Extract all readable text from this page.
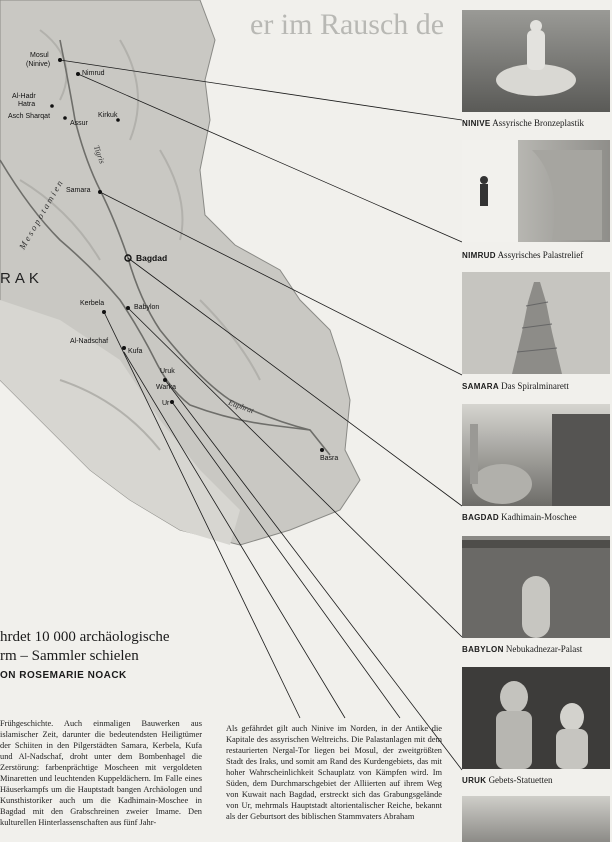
er im Rausch de
RAK
Tigris
Euphrat
M e s o p o t a m i e n
Mosul
(Ninive)
Nimrud
Al-Hadr
Hatra
Asch Sharqat
Assur
Kirkuk
Samara
Bagdad
Kerbela
Babylon
Al-Nadschaf
Kufa
Uruk
Warka
Ur
Basra
NINIVE Assyrische Bronzeplastik
NIMRUD Assyrisches Palastrelief
SAMARA Das Spiralminarett
BAGDAD Kadhimain-Moschee
BABYLON Nebukadnezar-Palast
URUK Gebets-Statuetten
hrdet 10 000 archäologische
rm – Sammler schielen
ON ROSEMARIE NOACK
Frühgeschichte. Auch einmaligen Bauwerken aus islamischer Zeit, darunter die bedeutendsten Heiligtümer der Schiiten in den Pilgerstädten Samara, Kerbela, Kufa und Al-Nadschaf, droht unter dem Bombenhagel die Zerstörung: farbenprächtige Moscheen mit vergoldeten Minaretten und leuchtenden Kuppeldächern. Im Falle eines Häuserkampfs um die Hauptstadt bangen Archäologen und Kunsthistoriker auch um die Kadhimain-Moschee in Bagdad mit den Grabschreinen zweier Imame. Den kulturellen Hinterlassenschaften aus fünf Jahr-
Als gefährdet gilt auch Ninive im Norden, in der Antike die Kapitale des assyrischen Weltreichs. Die Palastanlagen mit dem restaurierten Nergal-Tor liegen bei Mosul, der zweitgrößten Stadt des Iraks, und somit am Rand des Kurdengebiets, das mit hoher Wahrscheinlichkeit Schauplatz von Kämpfen wird. Im Süden, dem Durchmarschgebiet der Alliierten auf ihrem Weg von Kuwait nach Bagdad, erstreckt sich das Grabungsgelände von Ur, mehrmals Hauptstadt altorientalischer Reiche, bekannt als der Geburtsort des biblischen Stammvaters Abraham
